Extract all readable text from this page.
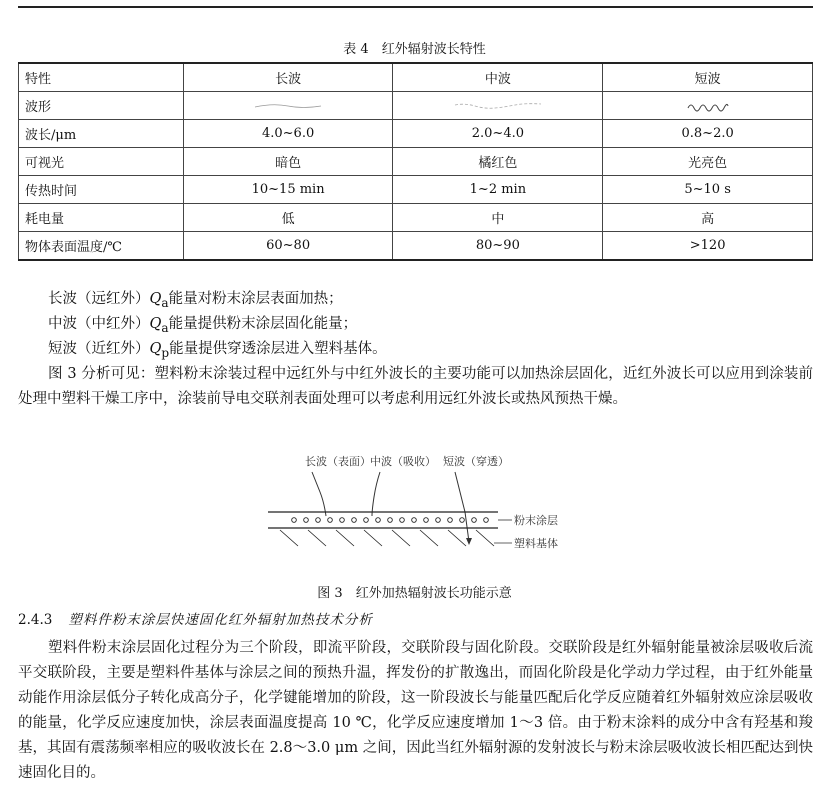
表 4　红外辐射波长特性
特性	长波	中波	短波
波形	

波长/μm	4.0~6.0	2.0~4.0	0.8~2.0
可视光	暗色	橘红色	光亮色
传热时间	10~15 min	1~2 min	5~10 s
耗电量	低	中	高
物体表面温度/℃	60~80	80~90	>120
长波（远红外）$Q_a$能量对粉末涂层表面加热；
中波（中红外）$Q_a$能量提供粉末涂层固化能量；
短波（近红外）$Q_p$能量提供穿透涂层进入塑料基体。
图 3 分析可见：塑料粉末涂装过程中远红外与中红外波长的主要功能可以加热涂层固化，近红外波长可以应用到涂装前处理中塑料干燥工序中，涂装前导电交联剂表面处理可以考虑利用远红外波长或热风预热干燥。
长波（表面） 中波（吸收） 短波（穿透）
粉末涂层
塑料基体
图 3　红外加热辐射波长功能示意
2.4.3 塑料件粉末涂层快速固化红外辐射加热技术分析
塑料件粉末涂层固化过程分为三个阶段，即流平阶段，交联阶段与固化阶段。交联阶段是红外辐射能量被涂层吸收后流平交联阶段，主要是塑料件基体与涂层之间的预热升温，挥发份的扩散逸出，而固化阶段是化学动力学过程，由于红外能量动能作用涂层低分子转化成高分子，化学键能增加的阶段，这一阶段波长与能量匹配后化学反应随着红外辐射效应涂层吸收的能量，化学反应速度加快，涂层表面温度提高 10 ℃，化学反应速度增加 1～3 倍。由于粉末涂料的成分中含有羟基和羧基，其固有震荡频率相应的吸收波长在 2.8～3.0 μm 之间，因此当红外辐射源的发射波长与粉末涂层吸收波长相匹配达到快速固化目的。
